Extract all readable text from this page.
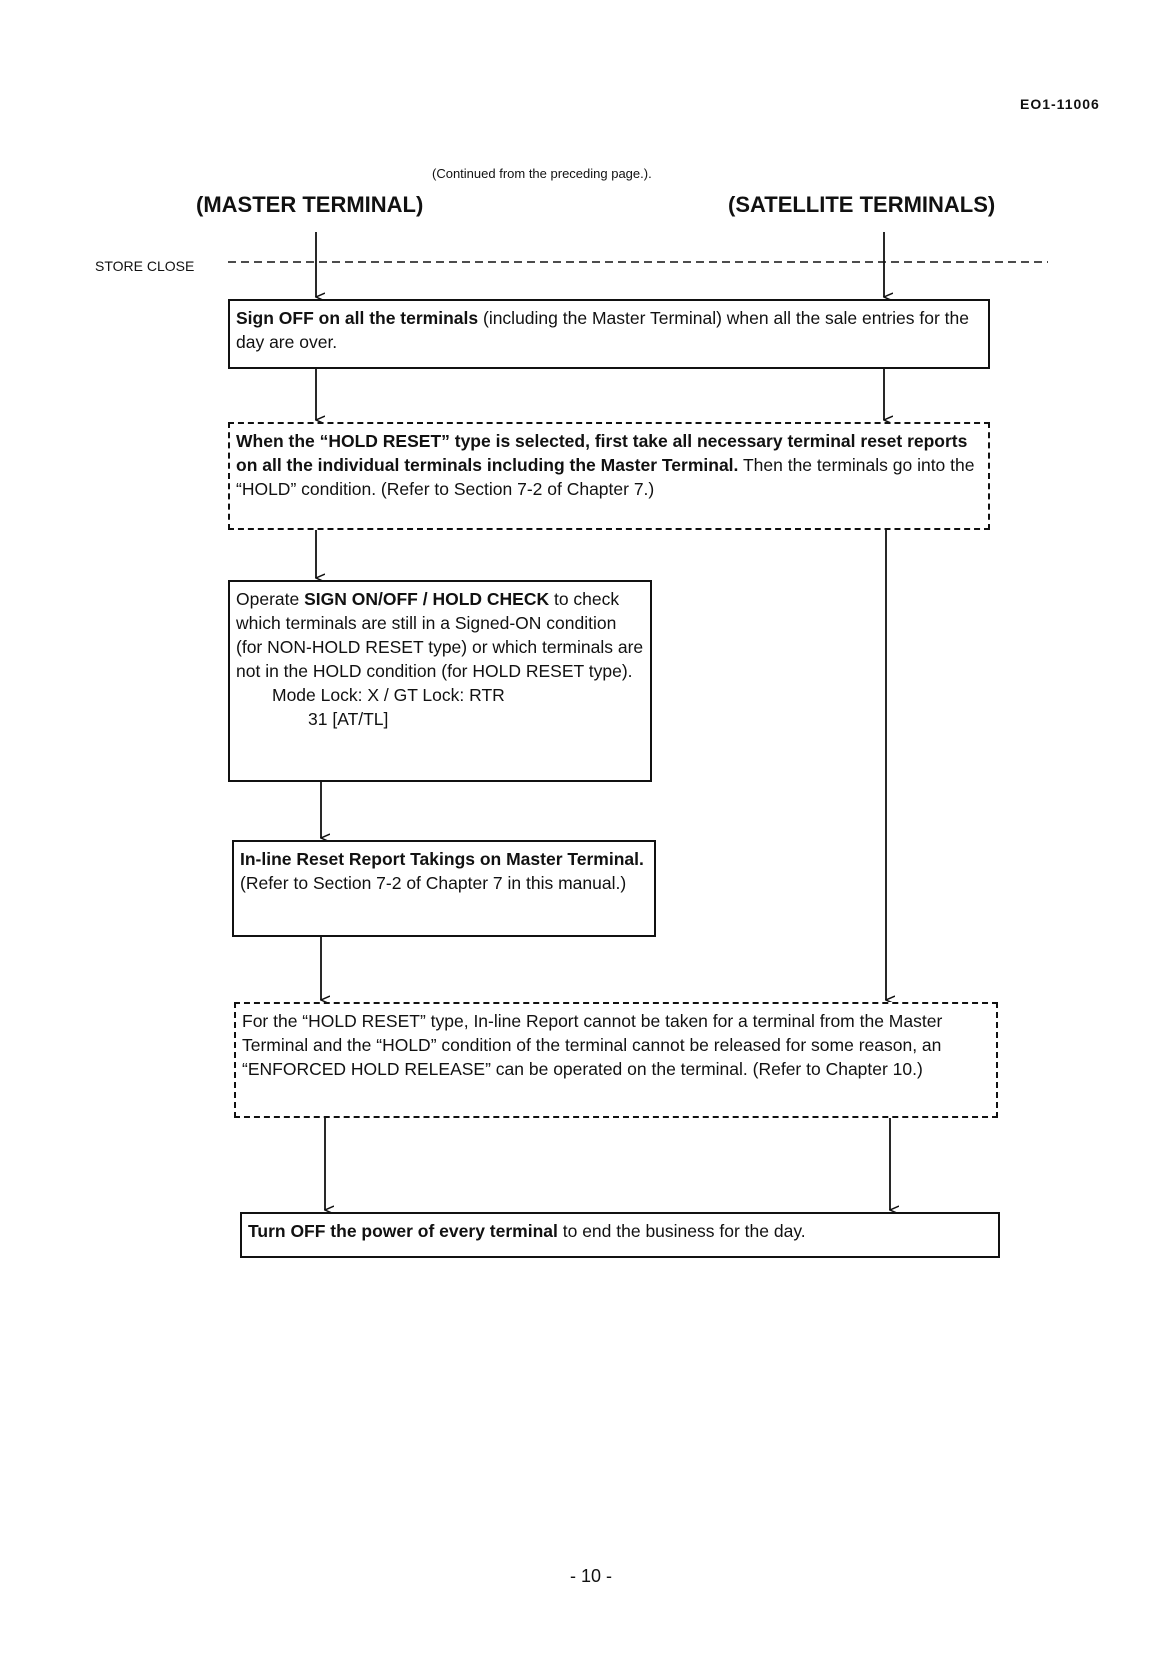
EO1-11006
(Continued from the preceding page.).
(MASTER TERMINAL)	(SATELLITE TERMINALS)
STORE CLOSE
Sign OFF on all the terminals (including the Master Terminal) when all the sale entries for the day are over.
When the “HOLD RESET” type is selected, first take all necessary terminal reset reports on all the individual terminals including the Master Terminal. Then the terminals go into the “HOLD” condition. (Refer to Section 7-2 of Chapter 7.)
Operate SIGN ON/OFF / HOLD CHECK to check which terminals are still in a Signed-ON condition (for NON-HOLD RESET type) or which terminals are not in the HOLD condition (for HOLD RESET type).
Mode Lock: X / GT Lock: RTR
31 [AT/TL]
In-line Reset Report Takings on Master Terminal. (Refer to Section 7-2 of Chapter 7 in this manual.)
For the “HOLD RESET” type, In-line Report cannot be taken for a terminal from the Master Terminal and the “HOLD” condition of the terminal cannot be released for some reason, an “ENFORCED HOLD RELEASE” can be operated on the terminal. (Refer to Chapter 10.)
Turn OFF the power of every terminal to end the business for the day.
- 10 -
